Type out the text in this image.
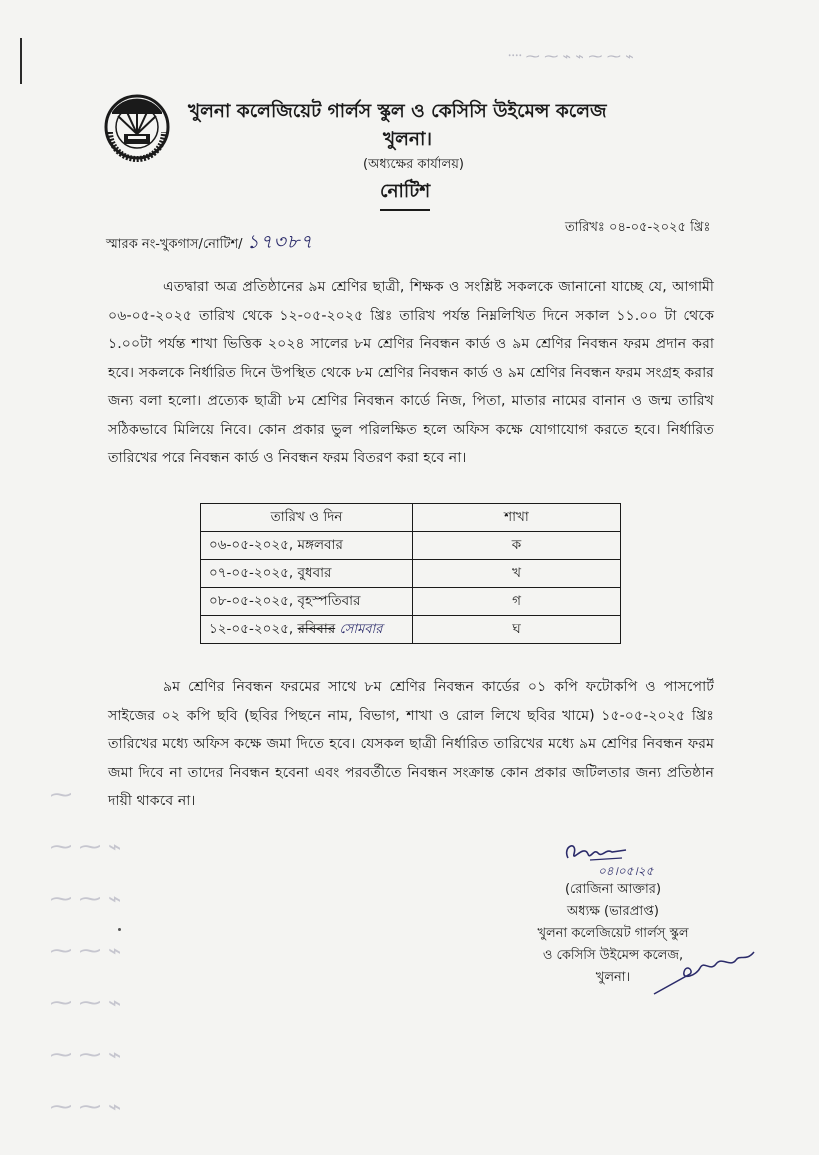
᠁ ⁓ ⁓ ⌁ ⌁ ⁓ ⁓ ⌁
⁓
⁓ ⁓ ⌁
⁓ ⁓ ⌁
⁓ ⁓ ⌁
⁓ ⁓ ⌁
⁓ ⁓ ⌁
⁓ ⁓ ⌁
খুলনা কলেজিয়েট গার্লস স্কুল ও কেসিসি উইমেন্স কলেজ
খুলনা।
(অধ্যক্ষের কার্যালয়)
নোটিশ
স্মারক নং-খুকগাস/নোটিশ/ ১৭৩৮৭
তারিখঃ ০৪-০৫-২০২৫ খ্রিঃ

এতদ্বারা অত্র প্রতিষ্ঠানের ৯ম শ্রেণির ছাত্রী, শিক্ষক ও সংশ্লিষ্ট সকলকে জানানো যাচ্ছে যে, আগামী ০৬-০৫-২০২৫ তারিখ থেকে ১২-০৫-২০২৫ খ্রিঃ তারিখ পর্যন্ত নিম্নলিখিত দিনে সকাল ১১.০০ টা থেকে ১.০০টা পর্যন্ত শাখা ভিত্তিক ২০২৪ সালের ৮ম শ্রেণির নিবন্ধন কার্ড ও ৯ম শ্রেণির নিবন্ধন ফরম প্রদান করা হবে। সকলকে নির্ধারিত দিনে উপস্থিত থেকে ৮ম শ্রেণির নিবন্ধন কার্ড ও ৯ম শ্রেণির নিবন্ধন ফরম সংগ্রহ করার জন্য বলা হলো। প্রত্যেক ছাত্রী ৮ম শ্রেণির নিবন্ধন কার্ডে নিজ, পিতা, মাতার নামের বানান ও জন্ম তারিখ সঠিকভাবে মিলিয়ে নিবে। কোন প্রকার ভুল পরিলক্ষিত হলে অফিস কক্ষে যোগাযোগ করতে হবে। নির্ধারিত তারিখের পরে নিবন্ধন কার্ড ও নিবন্ধন ফরম বিতরণ করা হবে না।

তারিখ ও দিন	শাখা
০৬-০৫-২০২৫, মঙ্গলবার	ক
০৭-০৫-২০২৫, বুধবার	খ
০৮-০৫-২০২৫, বৃহস্পতিবার	গ
১২-০৫-২০২৫, রবিবার সোমবার	ঘ

৯ম শ্রেণির নিবন্ধন ফরমের সাথে ৮ম শ্রেণির নিবন্ধন কার্ডের ০১ কপি ফটোকপি ও পাসপোর্ট সাইজের ০২ কপি ছবি (ছবির পিছনে নাম, বিভাগ, শাখা ও রোল লিখে ছবির খামে) ১৫-০৫-২০২৫ খ্রিঃ তারিখের মধ্যে অফিস কক্ষে জমা দিতে হবে। যেসকল ছাত্রী নির্ধারিত তারিখের মধ্যে ৯ম শ্রেণির নিবন্ধন ফরম জমা দিবে না তাদের নিবন্ধন হবেনা এবং পরবর্তীতে নিবন্ধন সংক্রান্ত কোন প্রকার জটিলতার জন্য প্রতিষ্ঠান দায়ী থাকবে না।

০৪।০৫।২৫
(রোজিনা আক্তার)
অধ্যক্ষ (ভারপ্রাপ্ত)
খুলনা কলেজিয়েট গার্লস্ স্কুল
ও কেসিসি উইমেন্স কলেজ,
খুলনা।
